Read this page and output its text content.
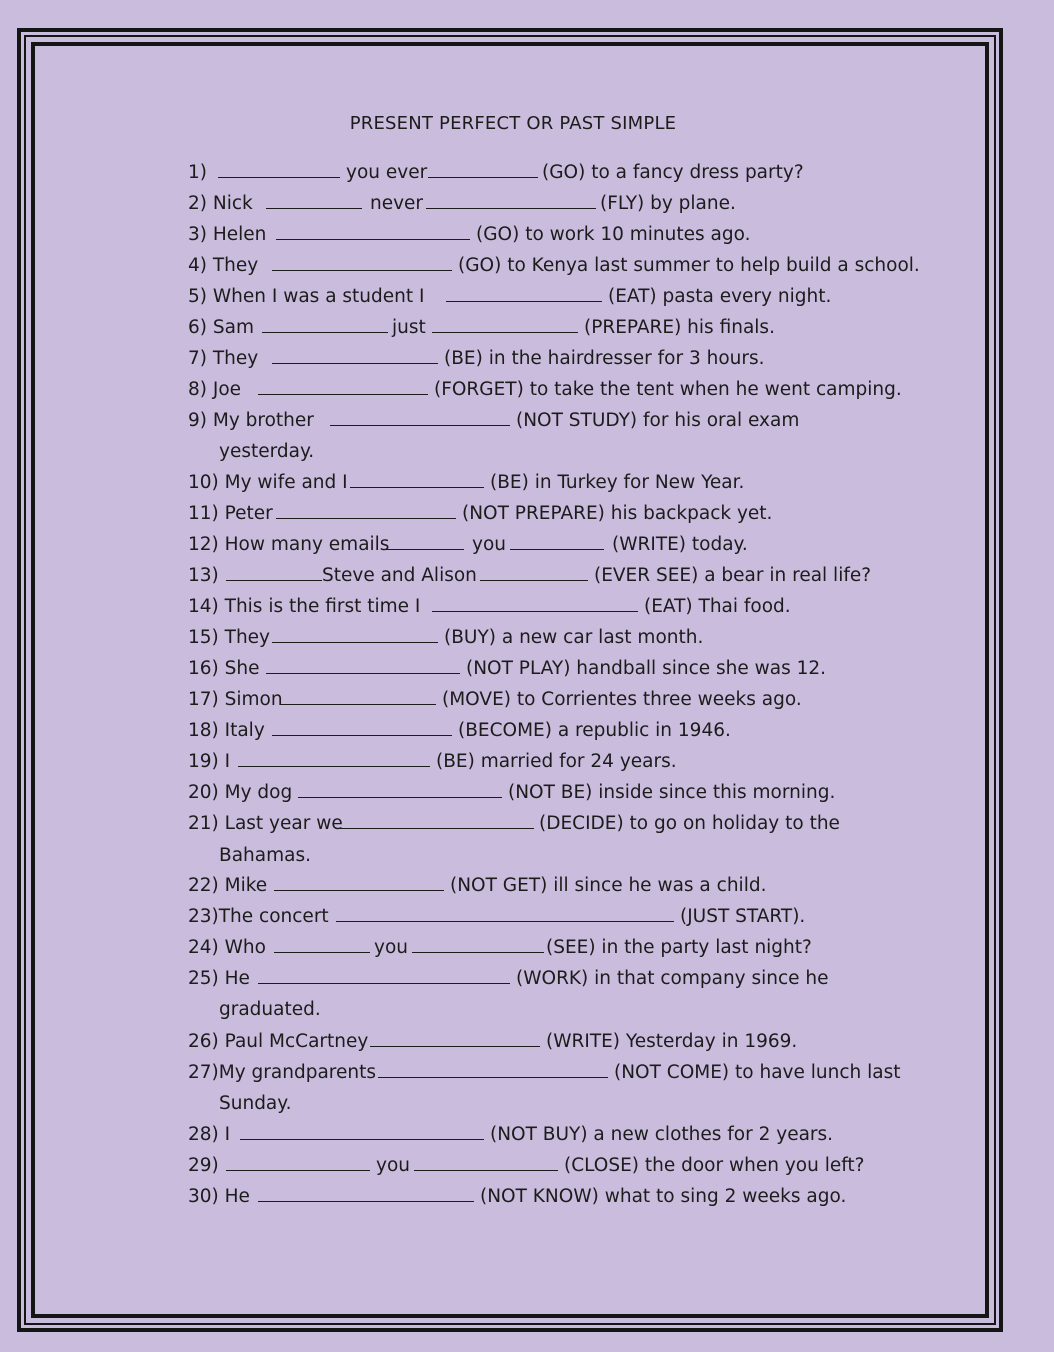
PRESENT PERFECT OR PAST SIMPLE
1)	you ever	(GO) to a fancy dress party?
2) Nick	never	(FLY) by plane.
3) Helen	(GO) to work 10 minutes ago.
4) They	(GO) to Kenya last summer to help build a school.
5) When I was a student I	(EAT) pasta every night.
6) Sam	just	(PREPARE) his finals.
7) They	(BE) in the hairdresser for 3 hours.
8) Joe	(FORGET) to take the tent when he went camping.
9) My brother	(NOT STUDY) for his oral exam
yesterday.
10) My wife and I	(BE) in Turkey for New Year.
11) Peter	(NOT PREPARE) his backpack yet.
12) How many emails	you	(WRITE) today.
13)	Steve and Alison	(EVER SEE) a bear in real life?
14) This is the first time I	(EAT) Thai food.
15) They	(BUY) a new car last month.
16) She	(NOT PLAY) handball since she was 12.
17) Simon	(MOVE) to Corrientes three weeks ago.
18) Italy	(BECOME) a republic in 1946.
19) I	(BE) married for 24 years.
20) My dog	(NOT BE) inside since this morning.
21) Last year we	(DECIDE) to go on holiday to the
Bahamas.
22) Mike	(NOT GET) ill since he was a child.
23)The concert	(JUST START).
24) Who	you	(SEE) in the party last night?
25) He	(WORK) in that company since he
graduated.
26) Paul McCartney	(WRITE) Yesterday in 1969.
27)My grandparents	(NOT COME) to have lunch last
Sunday.
28) I	(NOT BUY) a new clothes for 2 years.
29)	you	(CLOSE) the door when you left?
30) He	(NOT KNOW) what to sing 2 weeks ago.
